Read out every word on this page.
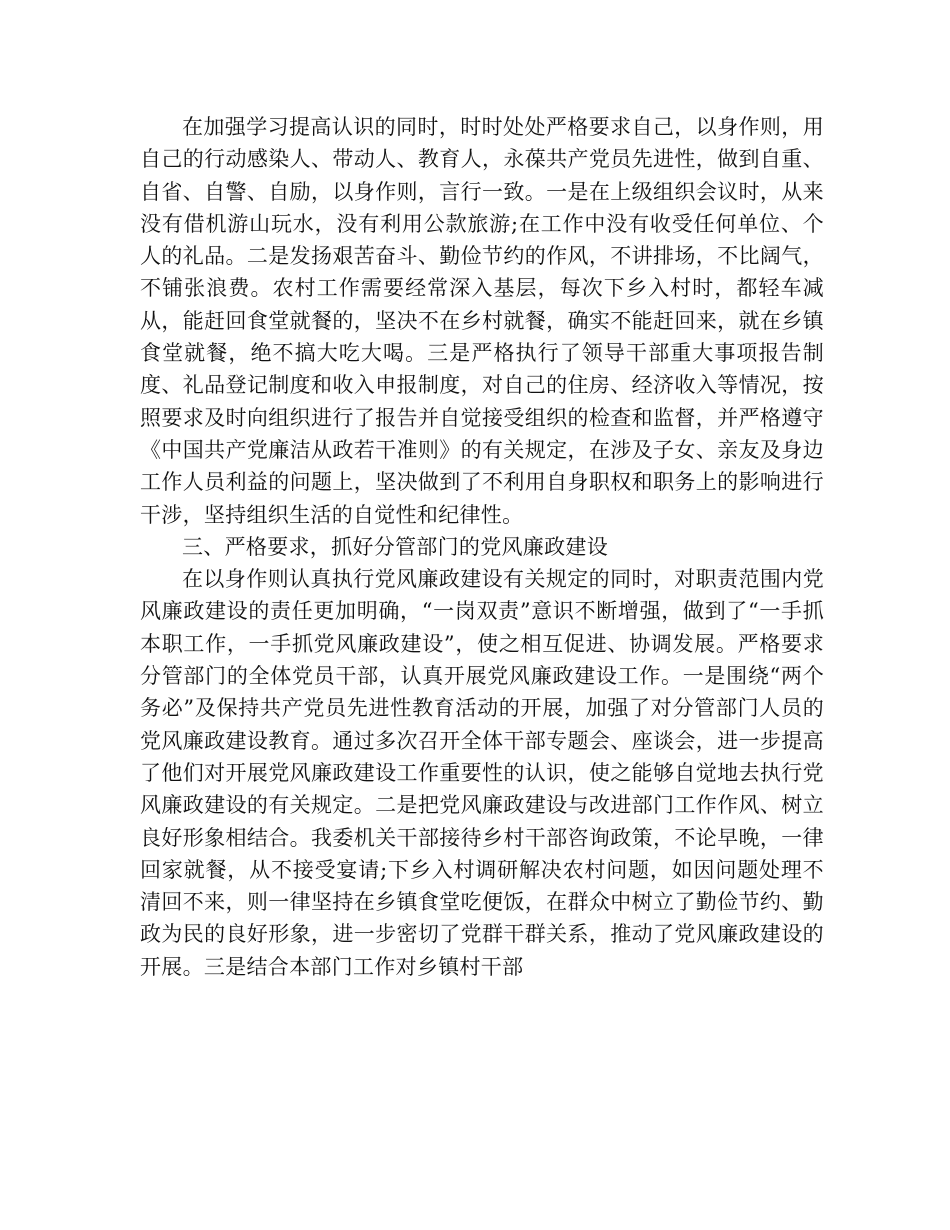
在加强学习提高认识的同时，时时处处严格要求自己，以身作则，用自己的行动感染人、带动人、教育人，永葆共产党员先进性，做到自重、自省、自警、自励，以身作则，言行一致。一是在上级组织会议时，从来没有借机游山玩水，没有利用公款旅游;在工作中没有收受任何单位、个人的礼品。二是发扬艰苦奋斗、勤俭节约的作风，不讲排场，不比阔气，不铺张浪费。农村工作需要经常深入基层，每次下乡入村时，都轻车减从，能赶回食堂就餐的，坚决不在乡村就餐，确实不能赶回来，就在乡镇食堂就餐，绝不搞大吃大喝。三是严格执行了领导干部重大事项报告制度、礼品登记制度和收入申报制度，对自己的住房、经济收入等情况，按照要求及时向组织进行了报告并自觉接受组织的检查和监督，并严格遵守《中国共产党廉洁从政若干准则》的有关规定，在涉及子女、亲友及身边工作人员利益的问题上，坚决做到了不利用自身职权和职务上的影响进行干涉，坚持组织生活的自觉性和纪律性。

三、严格要求，抓好分管部门的党风廉政建设

在以身作则认真执行党风廉政建设有关规定的同时，对职责范围内党风廉政建设的责任更加明确，“一岗双责”意识不断增强，做到了“一手抓本职工作，一手抓党风廉政建设”，使之相互促进、协调发展。严格要求分管部门的全体党员干部，认真开展党风廉政建设工作。一是围绕“两个务必”及保持共产党员先进性教育活动的开展，加强了对分管部门人员的党风廉政建设教育。通过多次召开全体干部专题会、座谈会，进一步提高了他们对开展党风廉政建设工作重要性的认识，使之能够自觉地去执行党风廉政建设的有关规定。二是把党风廉政建设与改进部门工作作风、树立良好形象相结合。我委机关干部接待乡村干部咨询政策，不论早晚，一律回家就餐，从不接受宴请;下乡入村调研解决农村问题，如因问题处理不清回不来，则一律坚持在乡镇食堂吃便饭，在群众中树立了勤俭节约、勤政为民的良好形象，进一步密切了党群干群关系，推动了党风廉政建设的开展。三是结合本部门工作对乡镇村干部
